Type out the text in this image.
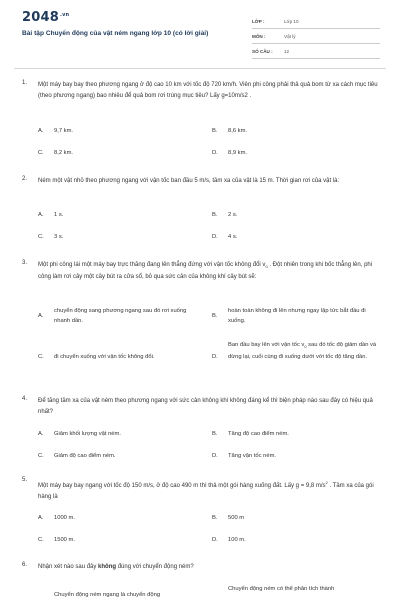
$2048^{.vn}$
Bài tập Chuyển động của vật ném ngang lớp 10 (có lời giải)
LỚP :	Lớp 10
MÔN :	Vật lý
SỐ CÂU :	12
1. Một máy bay bay theo phương ngang ở độ cao 10 km với tốc độ 720 km/h. Viên phi công phải thả quả bom từ xa cách mục tiêu (theo phương ngang) bao nhiêu để quả bom rơi trúng mục tiêu? Lấy g=10m/s2 .
A.	9,7 km.	B.	8,6 km.
C.	8,2 km.	D.	8,9 km.
2. Ném một vật nhỏ theo phương ngang với vận tốc ban đầu 5 m/s, tầm xa của vật là 15 m. Thời gian rơi của vật là:
A.	1 s.	B.	2 s.
C.	3 s.	D.	4 s.
3. Một phi công lái một máy bay trực thăng đang lên thẳng đứng với vận tốc không đổi $v_0$ . Đột nhiên trong khi bốc thẳng lên, phi công làm rơi cây một cây bút ra cửa sổ, bỏ qua sức cản của không khí cây bút sẽ:
A.
chuyển động sang phương ngang sau đó rơi xuống nhanh dần.
B.
hoàn toàn không đi lên nhưng ngay lập tức bắt đầu đi xuống.
C.	đi chuyển xuống với vận tốc không đổi.	D.
Ban đầu bay lên với vận tốc $v_0$ sau đó tốc độ giảm dần và dừng lại, cuối cùng đi xuống dưới với tốc độ tăng dần.
4. Để tăng tầm xa của vật ném theo phương ngang với sức cản không khí không đáng kể thì biện pháp nào sau đây có hiệu quả nhất?
A.	Giảm khối lượng vật ném.	B.	Tăng độ cao điểm ném.
C.	Giảm độ cao điểm ném.	D.	Tăng vận tốc ném.
5.
Một máy bay bay ngang với tốc độ 150 m/s, ở độ cao 490 m thì thả một gói hàng xuống đất. Lấy g = 9,8 $m/s^2$ . Tầm xa của gói hàng là
A.	1000 m.	B.	500 m
C.	1500 m.	D.	100 m.
6. Nhận xét nào sau đây không đúng với chuyển động ném?
Chuyển động ném ngang là chuyển động
Chuyển động ném có thể phân tích thành
